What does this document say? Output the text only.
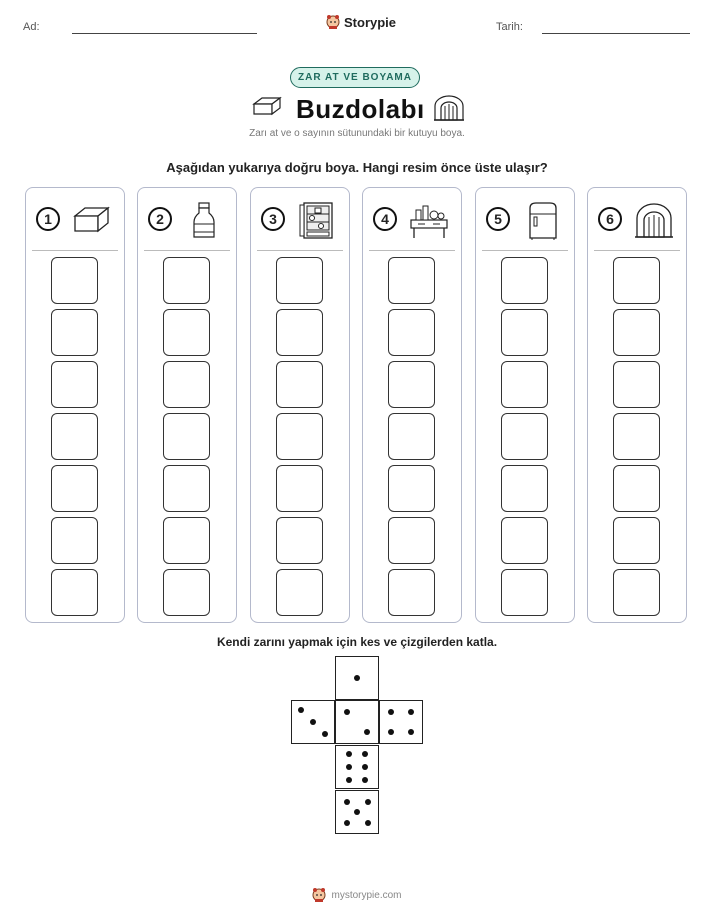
Ad:	Storypie	Tarih:
ZAR AT VE BOYAMA
Buzdolabı
Zarı at ve o sayının sütunundaki bir kutuyu boya.
Aşağıdan yukarıya doğru boya. Hangi resim önce üste ulaşır?
1	2	3	4	5	6
Kendi zarını yapmak için kes ve çizgilerden katla.
mystorypie.com
